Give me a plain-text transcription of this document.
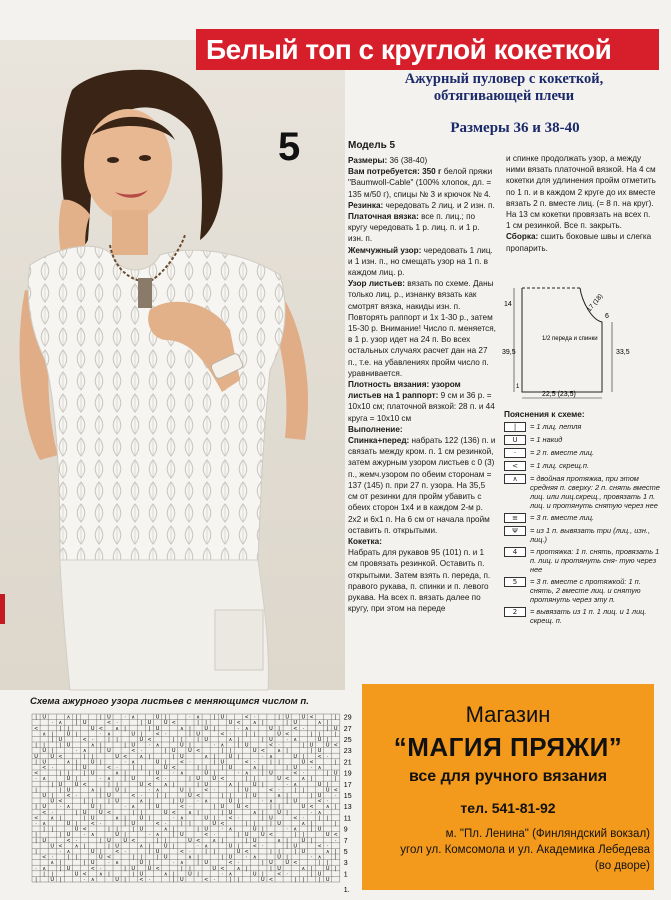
Белый топ с круглой кокеткой
Ажурный пуловер с кокеткой,
обтягивающей плечи
Размеры 36 и 38-40
5	Модель 5

Размеры: 36 (38-40)

Вам потребуется: 350 г белой пряжи "Baumwoll-Cable" (100% хлопок, дл. = 135 м/50 г), спицы № 3 и крючок № 4.

Резинка: чередовать 2 лиц. и 2 изн. п.

Платочная вязка: все п. лиц.; по кругу чередовать 1 р. лиц. п. и 1 р. изн. п.

Жемчужный узор: чередовать 1 лиц. и 1 изн. п., но смещать узор на 1 п. в каждом лиц. р.

Узор листьев: вязать по схеме. Даны только лиц. р., изнанку вязать как смотрят вязка, накиды изн. п. Повторять раппорт и 1х 1-30 р., затем 15-30 р. Внимание! Число п. меняется, в 1 р. узор идет на 24 п. Во всех остальных случаях расчет дан на 27 п., т.е. на убавлениях пройм число п. уравнивается.

Плотность вязания: узором листьев на 1 раппорт: 9 см и 36 р. = 10х10 см; платочной вязкой: 28 п. и 44 круга = 10х10 см

Выполнение:

Спинка+перед: набрать 122 (136) п. и связать между кром. п. 1 см резинкой, затем ажурным узором листьев с 0 (3) п., жемч.узором по обеим сторонам = 137 (145) п. при 27 п. узора. На 35,5 см от резинки для пройм убавить с обеих сторон 1х4 и в каждом 2-м р. 2х2 и 6х1 п. На 6 см от начала пройм оставить п. открытыми.

Кокетка:

Набрать для рукавов 95 (101) п. и 1 см провязать резинкой. Оставить п. открытыми. Затем взять п. переда, п. правого рукава, п. спинки и п. левого рукава. На всех п. вязать далее по кругу, при этом на переде

и спинке продолжать узор, а между ними вязать платочной вязкой. На 4 см кокетки для удлинения пройм отметить по 1 п. и в каждом 2 круге до их вместе вязать 2 п. вместе лиц. (= 8 п. на круг). На 13 см кокетки провязать на всех п. 1 см резинкой. Все п. закрыть.

Сборка: сшить боковые швы и слегка пропарить.

14
6
17 (18)
1/2 переда и спинки
39,5	33,5
22,5 (23,5)
1
Пояснения к схеме:
|	= 1 лиц. петля
U	= 1 накид
·	= 2 п. вместе лиц.
<	= 1 лиц. скрещ.п.
∧	= двойная протяжка, при этом средняя п. сверху: 2 п. снять вместе лиц. или лиц.скрещ., провязать 1 п. лиц. и протянуть снятую через нее
≡	= 3 п. вместе лиц.
Ψ	= из 1 п. вывязать три (лиц., изн., лиц.)
4	= протяжка: 1 п. снять, провязать 1 п. лиц. и протянуть сня- тую через нее
5	= 3 п. вместе с протяжкой: 1 п. снять, 2 вместе лиц. и снятую протянуть через эту п.
2	= вывязать из 1 п. 1 лиц. и 1 лиц. скрещ. п.
Схема ажурного узора листьев с меняющимся числом п.
| U	∧ |	| U	· ∧	U |	· ∧	| U	< ·	| U	U <	|
· ∧	| U	< ·	| U	U <	| |	U < ∧ |	| U	∧ |
<	| |	U < ∧ |	| U	∧ |	U |	· ∧	U |	< ·	| U
∧ |	U |	· ∧	U |	< ·	| U	< ·	| |	U <	| |	|
| U	< ·	| |	U <	| |	| U	∧ |	| U	· ∧	U |
| |	| U	∧ |	| U	· ∧	U |	· ∧	| U	< ·	| U	U <
U |	· ∧	| U	< ·	| U	U <	| |	U < ∧ |	| U
U	U <	| |	U < ∧ |	| U	∧ |	U |	· ∧	U |	< ·
| U	∧ |	U |	· ∧	U |	< ·	| U	< ·	| |	U <	|
< ·	| U	< ·	| |	U <	| |	| U	∧ |	| U	· ∧
<	| |	| U	∧ |	| U	· ∧	U |	· ∧	| U	< ·	| U
· ∧	U |	· ∧	| U	< ·	| U	U <	| |	U < ∧ |	|
| U	U <	| |	U < ∧ |	| U	∧ |	U |	· ∧	U |
|	| U	∧ |	U |	· ∧	U |	< ·	| U	< ·	| |	U <
U |	< ·	| U	< ·	| |	U <	| |	| U	∧ |	| U	·
U <	| |	| U	∧ |	| U	· ∧	U |	· ∧	| U	< ·
| U	· ∧	U |	· ∧	| U	< ·	| U	U <	| |	U < ∧ |
< ·	| U	U <	| |	U < ∧ |	| U	∧ |	U |	· ∧
< ∧ |	| U	∧ |	U |	· ∧	U |	< ·	| U	< ·	| |
· ∧	U |	< ·	| U	< ·	| |	U <	| |	| U	∧ |	|
| |	U <	| |	| U	∧ |	| U	· ∧	U |	· ∧	| U
|	| U	· ∧	U |	· ∧	| U	< ·	| U	U <	| |	U <
| U	< ·	| U	U <	| |	U < ∧ |	| U	∧ |	U |	·
U < ∧ |	| U	∧ |	U |	· ∧	U |	< ·	| U	< ·
|	· ∧	U |	< ·	| U	< ·	| |	U <	| |	| U	∧ |
< ·	| |	U <	| |	| U	∧ |	| U	· ∧	U |	· ∧	|
∧ |	| U	· ∧	U |	· ∧	| U	< ·	| U	U <	| |
· ∧	| U	< ·	| U	U <	| |	U < ∧ |	| U	∧ |	U |
| |	U < ∧ |	| U	∧ |	U |	· ∧	U |	< ·	| U
|	U |	· ∧	U |	< ·	| U	< ·	| |	U <	| |	| U
29
27
25
23
21
19
17
15
13
11
9
7
5
3
1
1.
Магазин
“МАГИЯ ПРЯЖИ”
все для ручного вязания
тел. 541-81-92
м. "Пл. Ленина" (Финляндский вокзал)
угол ул. Комсомола и ул. Академика Лебедева
(во дворе)
